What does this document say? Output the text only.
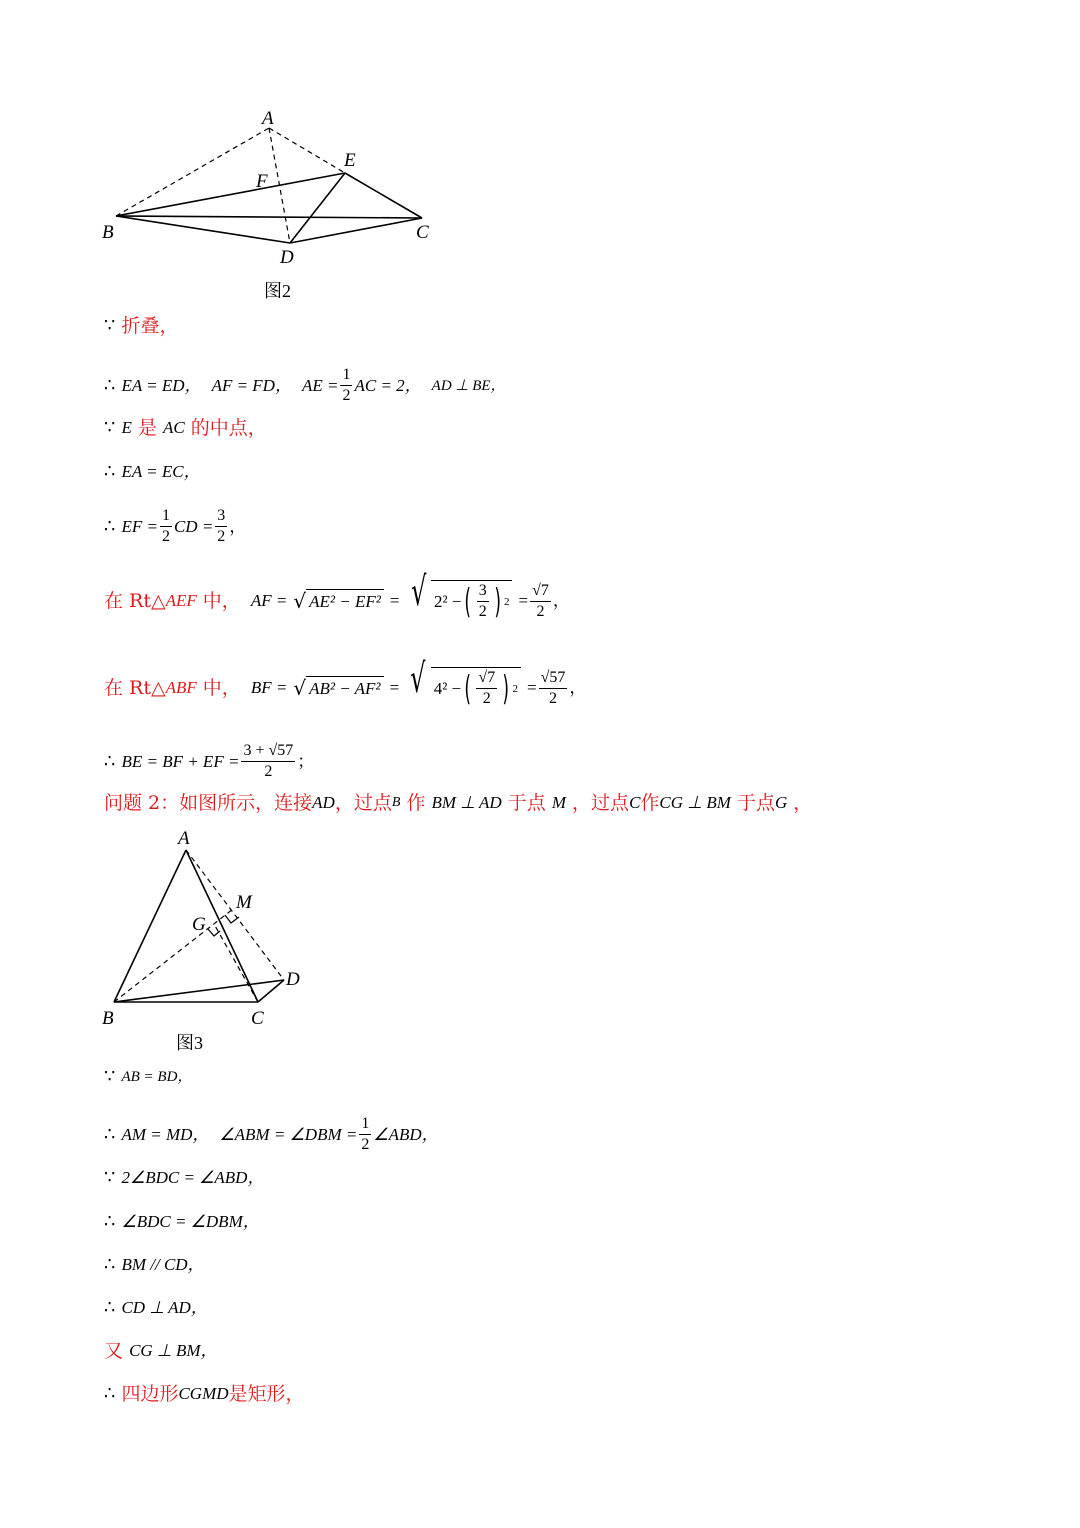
A
E
F
B	C
D
图2
∵ 折叠，
∴ EA = ED， AF = FD， AE = $\frac{1}{2}$ AC = 2， AD ⊥ BE，
∵ E
是
AC
的中点，
∴ EA = EC，
∴ EF = $\frac{1}{2}$ CD = $\frac{3}{2}$ ，
在 Rt△ AEF
中， AF =
√ AE² − EF²
=
√ 2² − ( $\frac{3}{2}$ ) 2
= $\frac{√7}{2}$ ，
在 Rt△ ABF
中， BF =
√ AB² − AF²
=
√ 4² − ( $\frac{√7}{2}$ ) 2
= $\frac{√57}{2}$ ，
∴ BE = BF + EF = $\frac{3 + √57}{2}$ ；
问题 2：如图所示，连接 AD ，过点 B
作
BM ⊥ AD
于点
M
，过点 C 作 CG ⊥ BM
于点 G
，
A
M
G
D
B	C
图3
∵ AB = BD，
∴ AM = MD， ∠ABM = ∠DBM = $\frac{1}{2}$ ∠ABD，
∵ 2∠BDC = ∠ABD，
∴ ∠BDC = ∠DBM，
∴ BM // CD，
∴ CD ⊥ AD，
又
CG ⊥ BM，
∴ 四边形 CGMD 是矩形，
